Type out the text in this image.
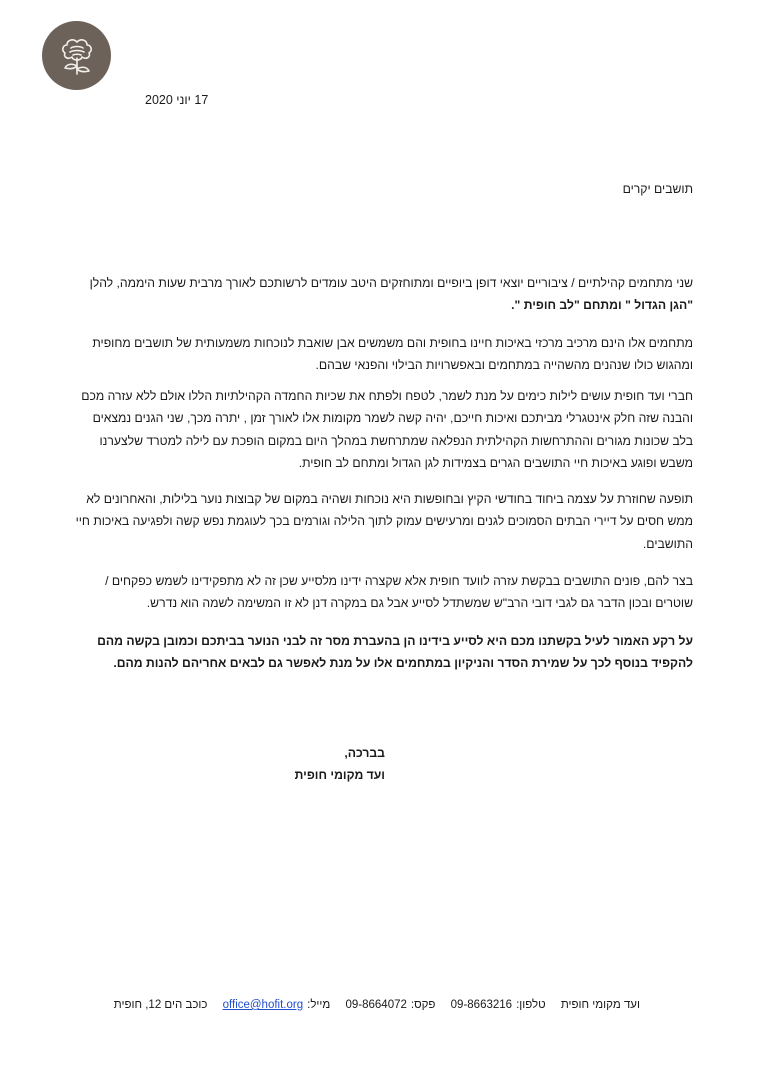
17 יוני 2020
תושבים יקרים
שני מתחמים קהילתיים / ציבוריים יוצאי דופן ביופיים ומתוחזקים היטב עומדים לרשותכם לאורך מרבית שעות היממה, להלן "הגן הגדול " ומתחם "לב חופית ".
מתחמים אלו הינם מרכיב מרכזי באיכות חיינו בחופית והם משמשים אבן שואבת לנוכחות משמעותית של תושבים מחופית ומהגוש כולו שנהנים מהשהייה במתחמים ובאפשרויות הבילוי והפנאי שבהם.
חברי ועד חופית עושים לילות כימים על מנת לשמר, לטפח ולפתח את שכיות החמדה הקהילתיות הללו אולם ללא עזרה מכם והבנה שזה חלק אינטגרלי מביתכם ואיכות חייכם, יהיה קשה לשמר מקומות אלו לאורך זמן , יתרה מכך, שני הגנים נמצאים בלב שכונות מגורים וההתרחשות הקהילתית הנפלאה שמתרחשת במהלך היום במקום הופכת עם לילה למטרד שלצערנו משבש ופוגע באיכות חיי התושבים הגרים בצמידות לגן הגדול ומתחם לב חופית.
תופעה שחוזרת על עצמה ביחוד בחודשי הקיץ ובחופשות היא נוכחות ושהיה במקום של קבוצות נוער בלילות, והאחרונים לא ממש חסים על דיירי הבתים הסמוכים לגנים ומרעישים עמוק לתוך הלילה וגורמים בכך לעוגמת נפש קשה ולפגיעה באיכות חיי התושבים.
בצר להם, פונים התושבים בבקשת עזרה לוועד חופית אלא שקצרה ידינו מלסייע שכן זה לא מתפקידינו לשמש כפקחים / שוטרים ובכון הדבר גם לגבי דובי הרב"ש שמשתדל לסייע אבל גם במקרה דנן לא זו המשימה לשמה הוא נדרש.
על רקע האמור לעיל בקשתנו מכם היא לסייע בידינו הן בהעברת מסר זה לבני הנוער בביתכם וכמובן בקשה מהם להקפיד בנוסף לכך על שמירת הסדר והניקיון במתחמים אלו על מנת לאפשר גם לבאים אחריהם להנות מהם.
בברכה,
ועד מקומי חופית
ועד מקומי חופית טלפון:09-8663216 פקס:09-8664072 מייל:office@hofit.org כוכב הים 12, חופית
